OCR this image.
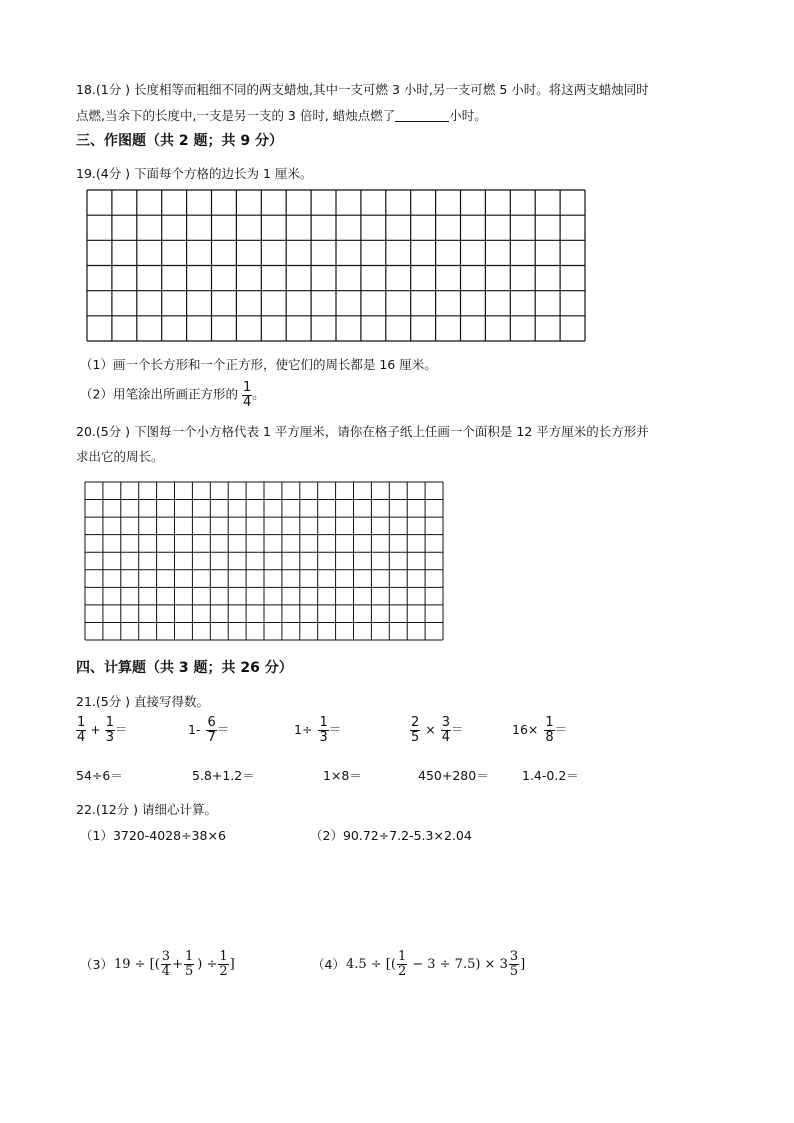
18.(1分 ) 长度相等而粗细不同的两支蜡烛,其中一支可燃 3 小时,另一支可燃 5 小时。将这两支蜡烛同时
点燃,当余下的长度中,一支是另一支的 3 倍时, 蜡烛点燃了	小时。
三、作图题（共 2 题；共 9 分）
19.(4分 ) 下面每个方格的边长为 1 厘米。
（1）画一个长方形和一个正方形，使它们的周长都是 16 厘米。
（2）用笔涂出所画正方形的 $\frac{1}{4}$ 。
20.(5分 ) 下图每一个小方格代表 1 平方厘米，请你在格子纸上任画一个面积是 12 平方厘米的长方形并
求出它的周长。
四、计算题（共 3 题；共 26 分）
21.(5分 ) 直接写得数。
$\frac{1}{4} + \frac{1}{3}$ ＝	$1- \frac{6}{7}$ ＝	$1\div \frac{1}{3}$ ＝	$\frac{2}{5} \times \frac{3}{4}$ ＝	$16\times \frac{1}{8}$ ＝
54÷6＝	5.8+1.2＝	1×8＝	450+280＝	1.4-0.2＝
22.(12分 ) 请细心计算。
（1）3720-4028÷38×6	（2）90.72÷7.2-5.3×2.04
（3） 19 ÷ [( $\frac{3}{4} + \frac{1}{5}$ ) ÷ $\frac{1}{2}$ ]	（4） 4.5 ÷ [( $\frac{1}{2} - 3 \div 7.5) \times 3 \frac{3}{5}$ ]
